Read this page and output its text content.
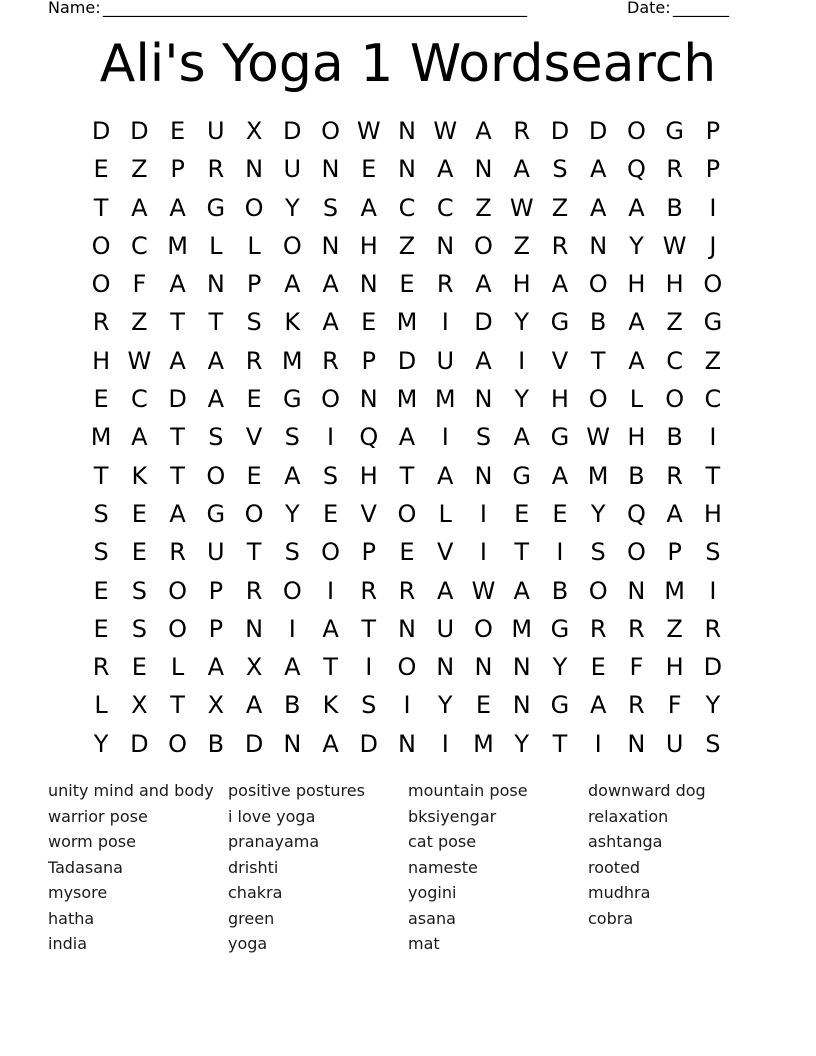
Name: _____________________________________________________	Date: _______
Ali's Yoga 1 Wordsearch
D D E U X D O W N W A R D D O G P
E Z P R N U N E N A N A S A Q R P
T A A G O Y S A C C Z W Z A A B	I
O C M L	L O N H Z N O Z R N Y W J
O F A N P A A N E R A H A O H H O
R Z T T S K A E M	I	D Y G B A Z G
H W A A R M R P D U A	I	V T A C Z
E C D A E G O N M M N Y H O L O C
M A T S V S	I	Q A	I	S A G W H B	I
T K T O E A S H T A N G A M B R T
S E A G O Y E V O L	I	E E Y Q A H
S E R U T S O P E V	I	T	I	S O P S
E S O P R O	I	R R A W A B O N M	I
E S O P N	I	A T N U O M G R R Z R
R E L A X A T	I	O N N N Y E F H D
L X T X A B K S	I	Y E N G A R F	Y
Y D O B D N A D N	I	M Y T	I	N U S
unity mind and body
warrior pose
worm pose
Tadasana
mysore
hatha
india
positive postures
i love yoga
pranayama
drishti
chakra
green
yoga
mountain pose
bksiyengar
cat pose
nameste
yogini
asana
mat
downward dog
relaxation
ashtanga
rooted
mudhra
cobra
